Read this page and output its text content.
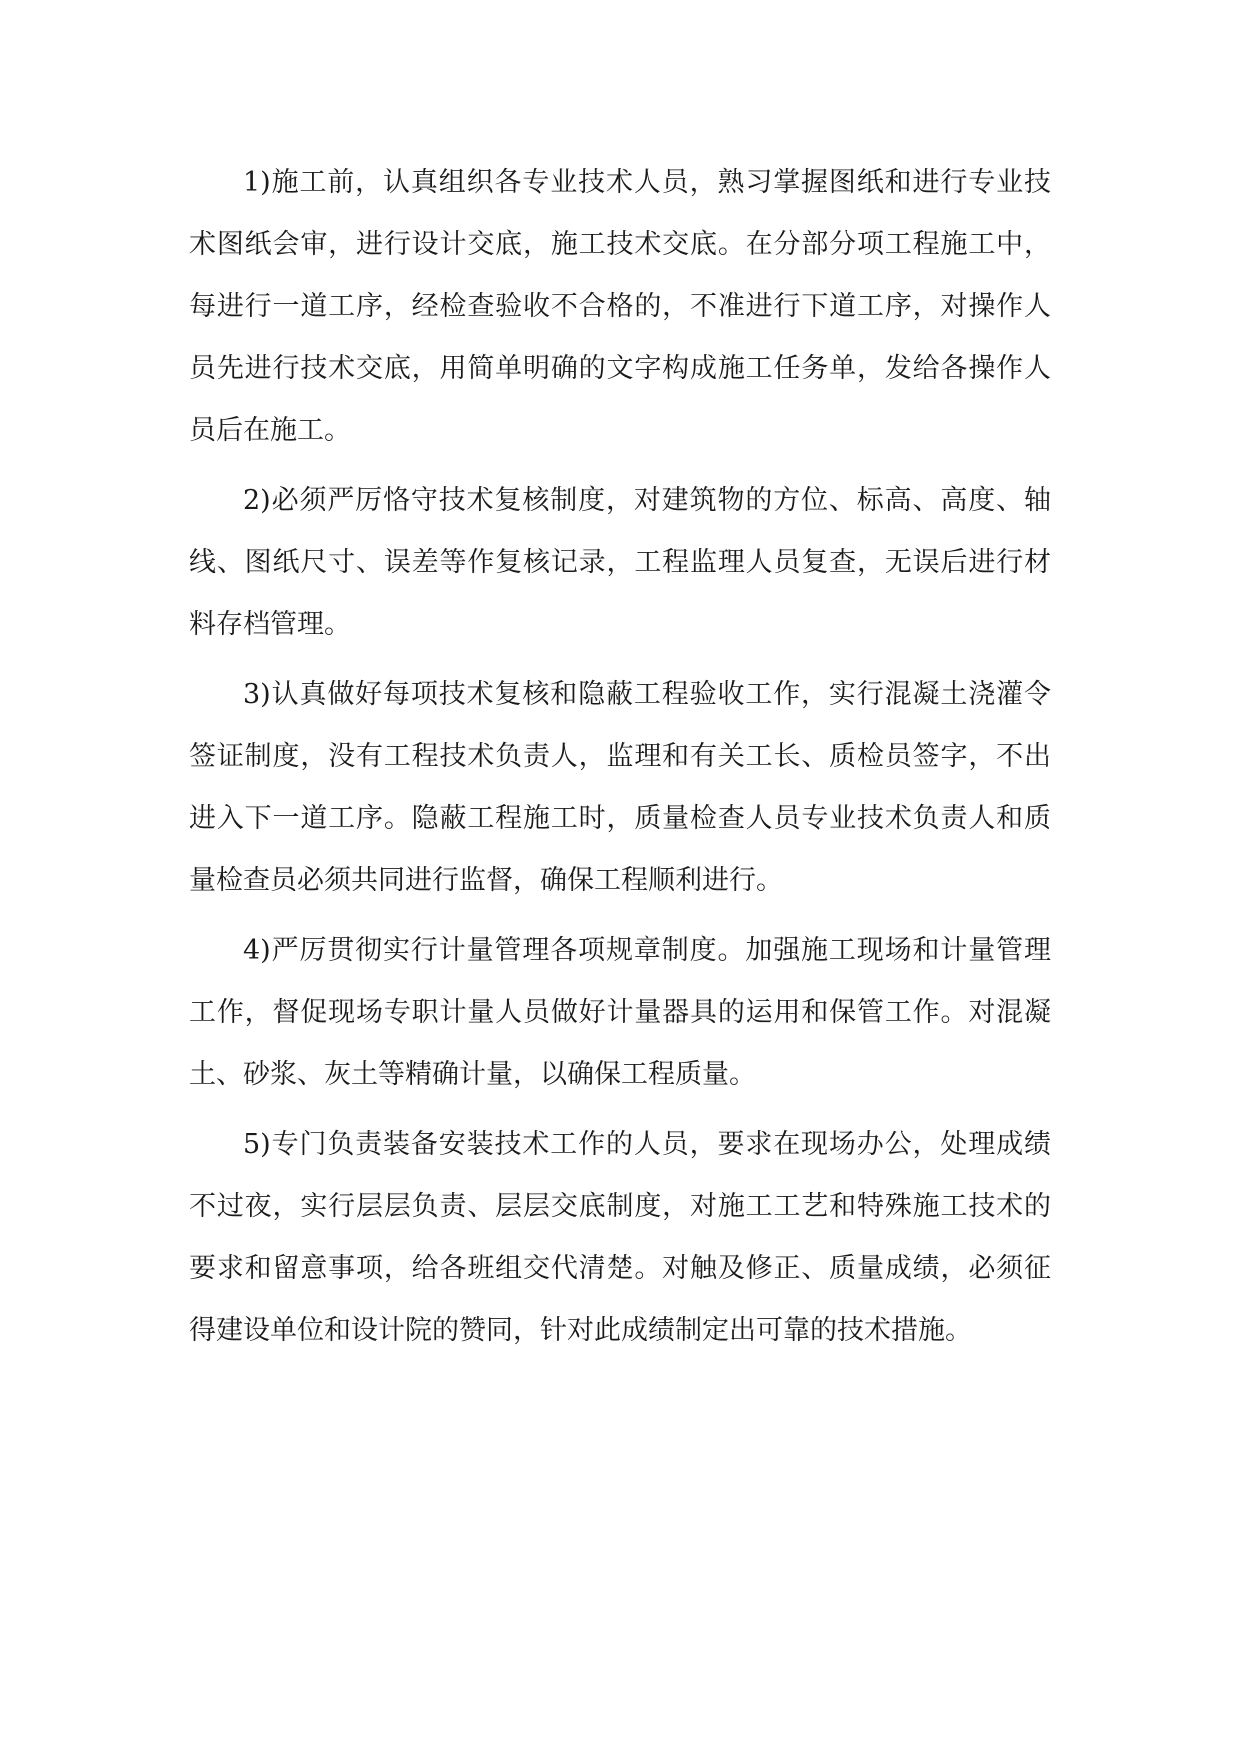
1)施工前，认真组织各专业技术人员，熟习掌握图纸和进行专业技术图纸会审，进行设计交底，施工技术交底。在分部分项工程施工中，每进行一道工序，经检查验收不合格的，不准进行下道工序，对操作人员先进行技术交底，用简单明确的文字构成施工任务单，发给各操作人员后在施工。

2)必须严厉恪守技术复核制度，对建筑物的方位、标高、高度、轴线、图纸尺寸、误差等作复核记录，工程监理人员复查，无误后进行材料存档管理。

3)认真做好每项技术复核和隐蔽工程验收工作，实行混凝土浇灌令签证制度，没有工程技术负责人，监理和有关工长、质检员签字，不出进入下一道工序。隐蔽工程施工时，质量检查人员专业技术负责人和质量检查员必须共同进行监督，确保工程顺利进行。

4)严厉贯彻实行计量管理各项规章制度。加强施工现场和计量管理工作，督促现场专职计量人员做好计量器具的运用和保管工作。对混凝土、砂浆、灰土等精确计量，以确保工程质量。

5)专门负责装备安装技术工作的人员，要求在现场办公，处理成绩不过夜，实行层层负责、层层交底制度，对施工工艺和特殊施工技术的要求和留意事项，给各班组交代清楚。对触及修正、质量成绩，必须征得建设单位和设计院的赞同，针对此成绩制定出可靠的技术措施。
